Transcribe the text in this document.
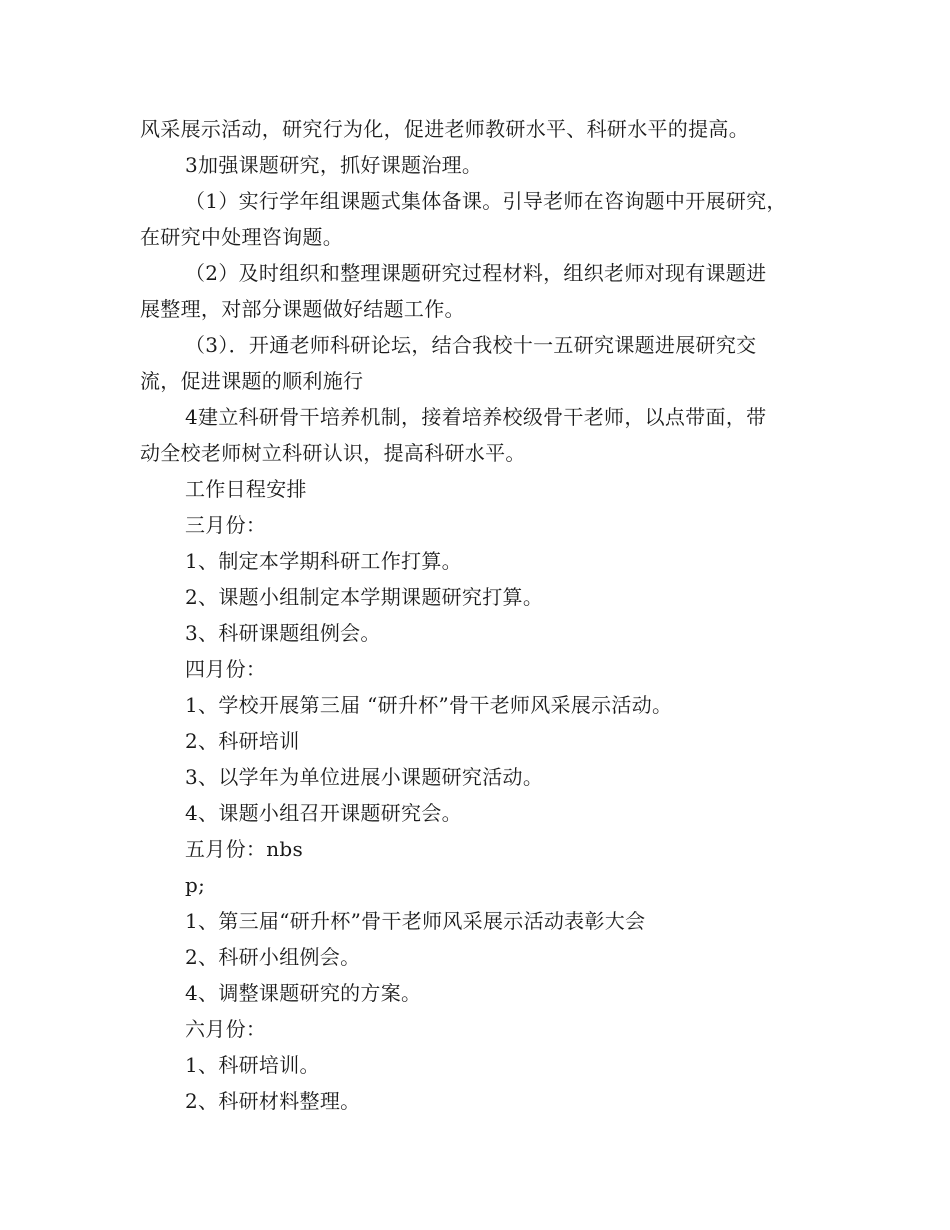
风采展示活动，研究行为化，促进老师教研水平、科研水平的提高。
3加强课题研究，抓好课题治理。
（1）实行学年组课题式集体备课。引导老师在咨询题中开展研究，
在研究中处理咨询题。
（2）及时组织和整理课题研究过程材料，组织老师对现有课题进
展整理，对部分课题做好结题工作。
（3）．开通老师科研论坛，结合我校十一五研究课题进展研究交
流，促进课题的顺利施行
4建立科研骨干培养机制，接着培养校级骨干老师，以点带面，带
动全校老师树立科研认识，提高科研水平。
工作日程安排
三月份：
1、制定本学期科研工作打算。
2、课题小组制定本学期课题研究打算。
3、科研课题组例会。
四月份：
1、学校开展第三届 “研升杯”骨干老师风采展示活动。
2、科研培训
3、以学年为单位进展小课题研究活动。
4、课题小组召开课题研究会。
五月份：nbs
p;
1、第三届“研升杯”骨干老师风采展示活动表彰大会
2、科研小组例会。
4、调整课题研究的方案。
六月份：
1、科研培训。
2、科研材料整理。
